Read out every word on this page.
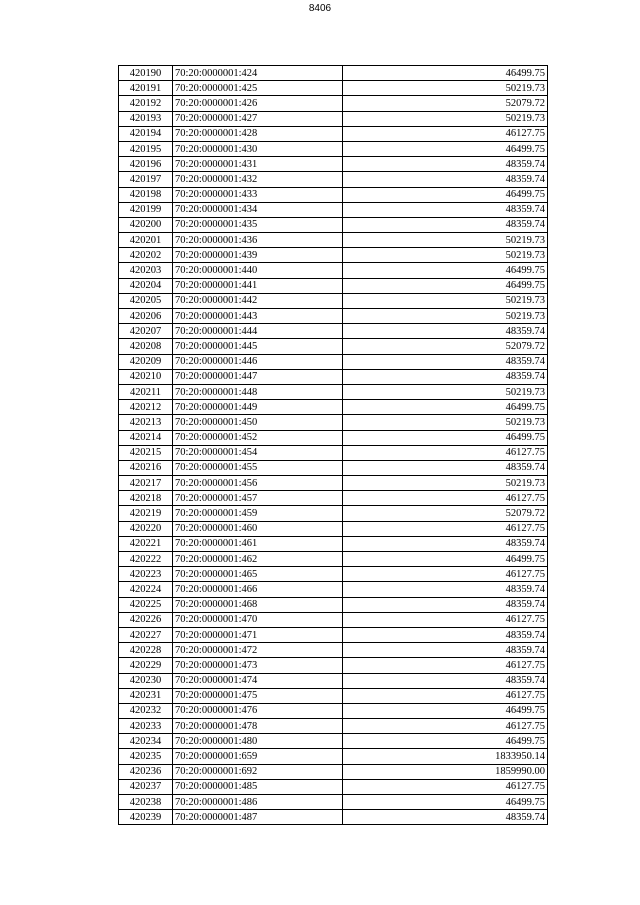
8406
420190	70:20:0000001:424	46499.75
420191	70:20:0000001:425	50219.73
420192	70:20:0000001:426	52079.72
420193	70:20:0000001:427	50219.73
420194	70:20:0000001:428	46127.75
420195	70:20:0000001:430	46499.75
420196	70:20:0000001:431	48359.74
420197	70:20:0000001:432	48359.74
420198	70:20:0000001:433	46499.75
420199	70:20:0000001:434	48359.74
420200	70:20:0000001:435	48359.74
420201	70:20:0000001:436	50219.73
420202	70:20:0000001:439	50219.73
420203	70:20:0000001:440	46499.75
420204	70:20:0000001:441	46499.75
420205	70:20:0000001:442	50219.73
420206	70:20:0000001:443	50219.73
420207	70:20:0000001:444	48359.74
420208	70:20:0000001:445	52079.72
420209	70:20:0000001:446	48359.74
420210	70:20:0000001:447	48359.74
420211	70:20:0000001:448	50219.73
420212	70:20:0000001:449	46499.75
420213	70:20:0000001:450	50219.73
420214	70:20:0000001:452	46499.75
420215	70:20:0000001:454	46127.75
420216	70:20:0000001:455	48359.74
420217	70:20:0000001:456	50219.73
420218	70:20:0000001:457	46127.75
420219	70:20:0000001:459	52079.72
420220	70:20:0000001:460	46127.75
420221	70:20:0000001:461	48359.74
420222	70:20:0000001:462	46499.75
420223	70:20:0000001:465	46127.75
420224	70:20:0000001:466	48359.74
420225	70:20:0000001:468	48359.74
420226	70:20:0000001:470	46127.75
420227	70:20:0000001:471	48359.74
420228	70:20:0000001:472	48359.74
420229	70:20:0000001:473	46127.75
420230	70:20:0000001:474	48359.74
420231	70:20:0000001:475	46127.75
420232	70:20:0000001:476	46499.75
420233	70:20:0000001:478	46127.75
420234	70:20:0000001:480	46499.75
420235	70:20:0000001:659	1833950.14
420236	70:20:0000001:692	1859990.00
420237	70:20:0000001:485	46127.75
420238	70:20:0000001:486	46499.75
420239	70:20:0000001:487	48359.74
